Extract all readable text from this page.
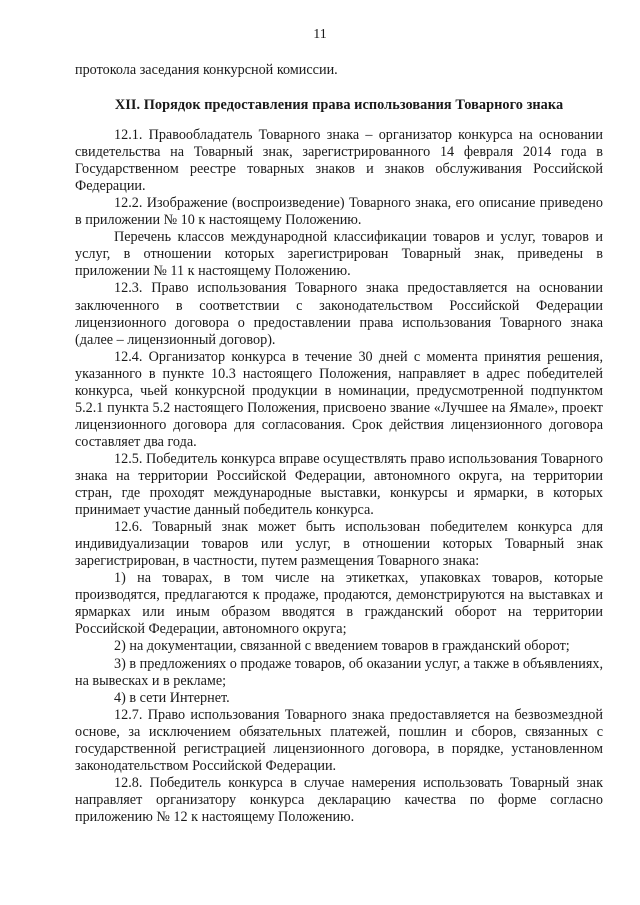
11

протокола заседания конкурсной комиссии.

XII. Порядок предоставления права использования Товарного знака

12.1. Правообладатель Товарного знака – организатор конкурса на основании свидетельства на Товарный знак, зарегистрированного 14 февраля 2014 года в Государственном реестре товарных знаков и знаков обслуживания Российской Федерации.

12.2. Изображение (воспроизведение) Товарного знака, его описание приведено в приложении № 10 к настоящему Положению.

Перечень классов международной классификации товаров и услуг, товаров и услуг, в отношении которых зарегистрирован Товарный знак, приведены в приложении № 11 к настоящему Положению.

12.3. Право использования Товарного знака предоставляется на основании заключенного в соответствии с законодательством Российской Федерации лицензионного договора о предоставлении права использования Товарного знака (далее – лицензионный договор).

12.4. Организатор конкурса в течение 30 дней с момента принятия решения, указанного в пункте 10.3 настоящего Положения, направляет в адрес победителей конкурса, чьей конкурсной продукции в номинации, предусмотренной подпунктом 5.2.1 пункта 5.2 настоящего Положения, присвоено звание «Лучшее на Ямале», проект лицензионного договора для согласования. Срок действия лицензионного договора составляет два года.

12.5. Победитель конкурса вправе осуществлять право использования Товарного знака на территории Российской Федерации, автономного округа, на территории стран, где проходят международные выставки, конкурсы и ярмарки, в которых принимает участие данный победитель конкурса.

12.6. Товарный знак может быть использован победителем конкурса для индивидуализации товаров или услуг, в отношении которых Товарный знак зарегистрирован, в частности, путем размещения Товарного знака:

1) на товарах, в том числе на этикетках, упаковках товаров, которые производятся, предлагаются к продаже, продаются, демонстрируются на выставках и ярмарках или иным образом вводятся в гражданский оборот на территории Российской Федерации, автономного округа;

2) на документации, связанной с введением товаров в гражданский оборот;

3) в предложениях о продаже товаров, об оказании услуг, а также в объявлениях, на вывесках и в рекламе;

4) в сети Интернет.

12.7. Право использования Товарного знака предоставляется на безвозмездной основе, за исключением обязательных платежей, пошлин и сборов, связанных с государственной регистрацией лицензионного договора, в порядке, установленном законодательством Российской Федерации.

12.8. Победитель конкурса в случае намерения использовать Товарный знак направляет организатору конкурса декларацию качества по форме согласно приложению № 12 к настоящему Положению.
